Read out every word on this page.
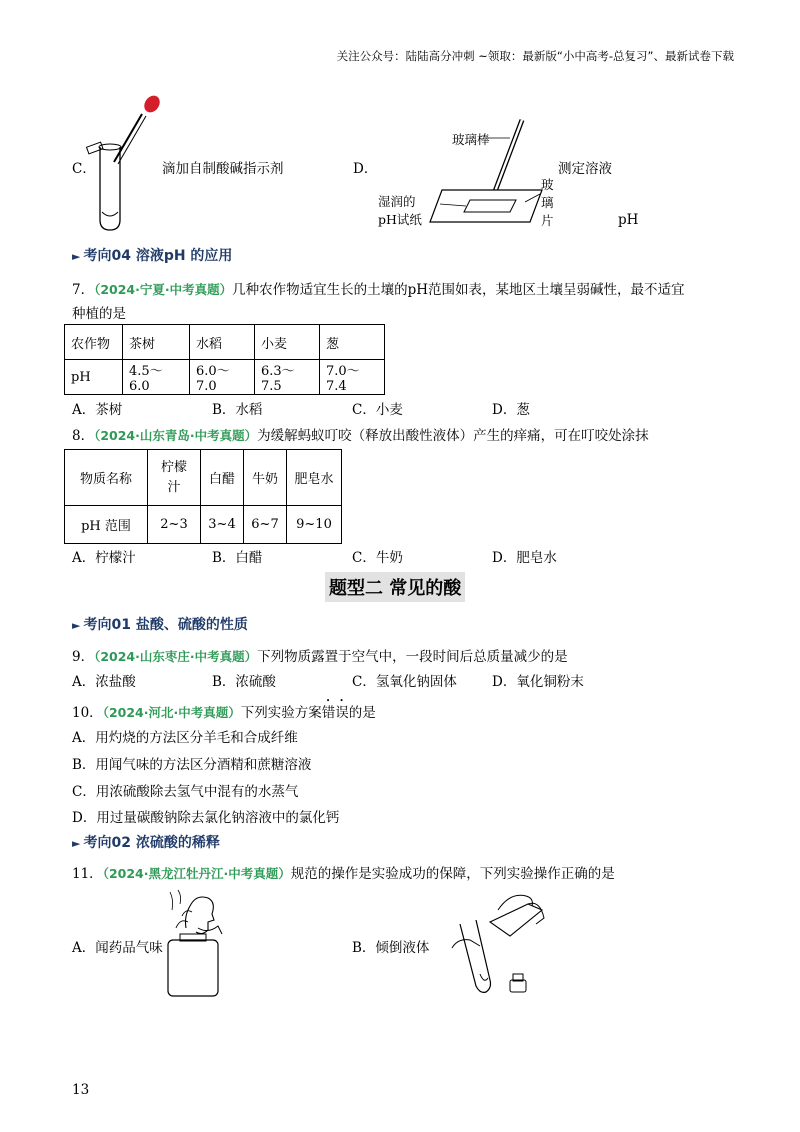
关注公众号：陆陆高分冲刺 ~领取：最新版“小中高考-总复习”、最新试卷下载
C．	滴加自制酸碱指示剂	D．	测定溶液
pH
玻璃棒
湿润的
pH试纸
玻
璃
片
► 考向04 溶液pH 的应用
7．（2024·宁夏·中考真题）几种农作物适宜生长的土壤的pH范围如表，某地区土壤呈弱碱性，最不适宜
种植的是
农作物	茶树	水稻	小麦	葱
pH	4.5～6.0	6.0～7.0	6.3～7.5	7.0～7.4
A．茶树	B．水稻	C．小麦	D．葱
8．（2024·山东青岛·中考真题）为缓解蚂蚁叮咬（释放出酸性液体）产生的痒痛，可在叮咬处涂抹
物质名称	柠檬
汁	白醋	牛奶	肥皂水
pH 范围	2~3	3~4	6~7	9~10
A．柠檬汁	B．白醋	C．牛奶	D．肥皂水
题型二 常见的酸
► 考向01 盐酸、硫酸的性质
9．（2024·山东枣庄·中考真题）下列物质露置于空气中，一段时间后总质量减少的是
A．浓盐酸	B．浓硫酸	C．氢氧化钠固体	D．氧化铜粉末
10．（2024·河北·中考真题）下列实验方案错误的是
A．用灼烧的方法区分羊毛和合成纤维
B．用闻气味的方法区分酒精和蔗糖溶液
C．用浓硫酸除去氢气中混有的水蒸气
D．用过量碳酸钠除去氯化钠溶液中的氯化钙
► 考向02 浓硫酸的稀释
11．（2024·黑龙江牡丹江·中考真题）规范的操作是实验成功的保障，下列实验操作正确的是
A．闻药品气味	B．倾倒液体
13
